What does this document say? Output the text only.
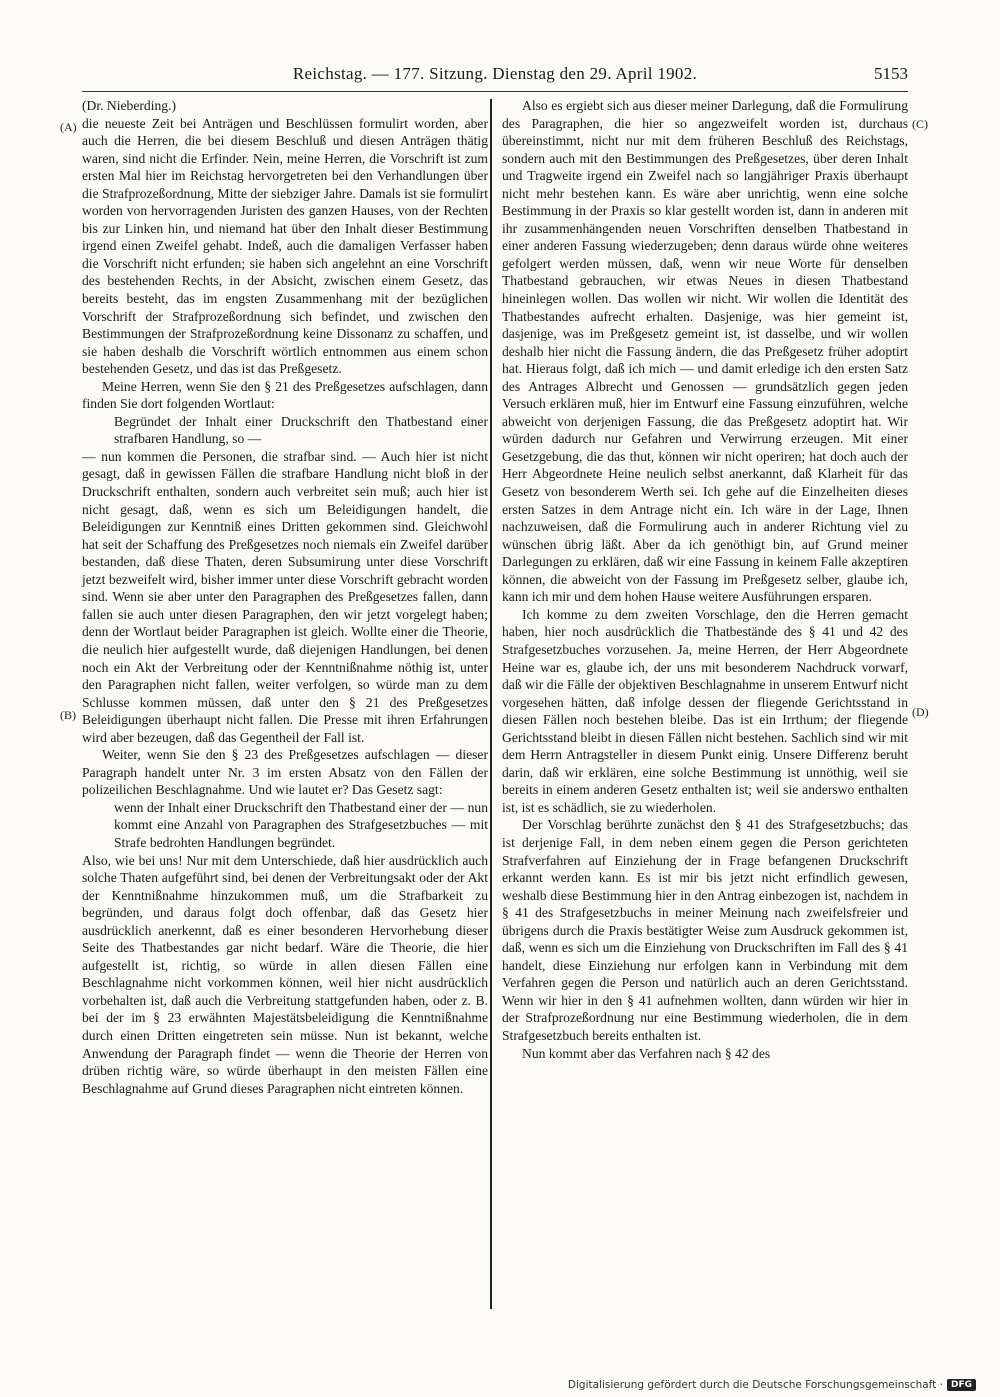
Reichstag. — 177. Sitzung. Dienstag den 29. April 1902.	5153
(A)
(B)
(C)
(D)

(Dr. Nieberding.)

die neueste Zeit bei Anträgen und Beschlüssen formulirt worden, aber auch die Herren, die bei diesem Beschluß und diesen Anträgen thätig waren, sind nicht die Erfinder. Nein, meine Herren, die Vorschrift ist zum ersten Mal hier im Reichstag hervorgetreten bei den Verhandlungen über die Strafprozeßordnung, Mitte der siebziger Jahre. Damals ist sie formulirt worden von hervorragenden Juristen des ganzen Hauses, von der Rechten bis zur Linken hin, und niemand hat über den Inhalt dieser Bestimmung irgend einen Zweifel gehabt. Indeß, auch die damaligen Verfasser haben die Vorschrift nicht erfunden; sie haben sich angelehnt an eine Vorschrift des bestehenden Rechts, in der Absicht, zwischen einem Gesetz, das bereits besteht, das im engsten Zusammenhang mit der bezüglichen Vorschrift der Strafprozeßordnung sich befindet, und zwischen den Bestimmungen der Strafprozeßordnung keine Dissonanz zu schaffen, und sie haben deshalb die Vorschrift wörtlich entnommen aus einem schon bestehenden Gesetz, und das ist das Preßgesetz.

Meine Herren, wenn Sie den § 21 des Preßgesetzes aufschlagen, dann finden Sie dort folgenden Wortlaut:

Begründet der Inhalt einer Druckschrift den Thatbestand einer strafbaren Handlung, so —

— nun kommen die Personen, die strafbar sind. — Auch hier ist nicht gesagt, daß in gewissen Fällen die strafbare Handlung nicht bloß in der Druckschrift enthalten, sondern auch verbreitet sein muß; auch hier ist nicht gesagt, daß, wenn es sich um Beleidigungen handelt, die Beleidigungen zur Kenntniß eines Dritten gekommen sind. Gleichwohl hat seit der Schaffung des Preßgesetzes noch niemals ein Zweifel darüber bestanden, daß diese Thaten, deren Subsumirung unter diese Vorschrift jetzt bezweifelt wird, bisher immer unter diese Vorschrift gebracht worden sind. Wenn sie aber unter den Paragraphen des Preßgesetzes fallen, dann fallen sie auch unter diesen Paragraphen, den wir jetzt vorgelegt haben; denn der Wortlaut beider Paragraphen ist gleich. Wollte einer die Theorie, die neulich hier aufgestellt wurde, daß diejenigen Handlungen, bei denen noch ein Akt der Verbreitung oder der Kenntnißnahme nöthig ist, unter den Paragraphen nicht fallen, weiter verfolgen, so würde man zu dem Schlusse kommen müssen, daß unter den § 21 des Preßgesetzes Beleidigungen überhaupt nicht fallen. Die Presse mit ihren Erfahrungen wird aber bezeugen, daß das Gegentheil der Fall ist.

Weiter, wenn Sie den § 23 des Preßgesetzes aufschlagen — dieser Paragraph handelt unter Nr. 3 im ersten Absatz von den Fällen der polizeilichen Beschlagnahme. Und wie lautet er? Das Gesetz sagt:

wenn der Inhalt einer Druckschrift den Thatbestand einer der — nun kommt eine Anzahl von Paragraphen des Strafgesetzbuches — mit Strafe bedrohten Handlungen begründet.

Also, wie bei uns! Nur mit dem Unterschiede, daß hier ausdrücklich auch solche Thaten aufgeführt sind, bei denen der Verbreitungsakt oder der Akt der Kenntnißnahme hinzukommen muß, um die Strafbarkeit zu begründen, und daraus folgt doch offenbar, daß das Gesetz hier ausdrücklich anerkennt, daß es einer besonderen Hervorhebung dieser Seite des Thatbestandes gar nicht bedarf. Wäre die Theorie, die hier aufgestellt ist, richtig, so würde in allen diesen Fällen eine Beschlagnahme nicht vorkommen können, weil hier nicht ausdrücklich vorbehalten ist, daß auch die Verbreitung stattgefunden haben, oder z. B. bei der im § 23 erwähnten Majestätsbeleidigung die Kenntnißnahme durch einen Dritten eingetreten sein müsse. Nun ist bekannt, welche Anwendung der Paragraph findet — wenn die Theorie der Herren von drüben richtig wäre, so würde überhaupt in den meisten Fällen eine Beschlagnahme auf Grund dieses Paragraphen nicht eintreten können.

Also es ergiebt sich aus dieser meiner Darlegung, daß die Formulirung des Paragraphen, die hier so angezweifelt worden ist, durchaus übereinstimmt, nicht nur mit dem früheren Beschluß des Reichstags, sondern auch mit den Bestimmungen des Preßgesetzes, über deren Inhalt und Tragweite irgend ein Zweifel nach so langjähriger Praxis überhaupt nicht mehr bestehen kann. Es wäre aber unrichtig, wenn eine solche Bestimmung in der Praxis so klar gestellt worden ist, dann in anderen mit ihr zusammenhängenden neuen Vorschriften denselben Thatbestand in einer anderen Fassung wiederzugeben; denn daraus würde ohne weiteres gefolgert werden müssen, daß, wenn wir neue Worte für denselben Thatbestand gebrauchen, wir etwas Neues in diesen Thatbestand hineinlegen wollen. Das wollen wir nicht. Wir wollen die Identität des Thatbestandes aufrecht erhalten. Dasjenige, was hier gemeint ist, dasjenige, was im Preßgesetz gemeint ist, ist dasselbe, und wir wollen deshalb hier nicht die Fassung ändern, die das Preßgesetz früher adoptirt hat. Hieraus folgt, daß ich mich — und damit erledige ich den ersten Satz des Antrages Albrecht und Genossen — grundsätzlich gegen jeden Versuch erklären muß, hier im Entwurf eine Fassung einzuführen, welche abweicht von derjenigen Fassung, die das Preßgesetz adoptirt hat. Wir würden dadurch nur Gefahren und Verwirrung erzeugen. Mit einer Gesetzgebung, die das thut, können wir nicht operiren; hat doch auch der Herr Abgeordnete Heine neulich selbst anerkannt, daß Klarheit für das Gesetz von besonderem Werth sei. Ich gehe auf die Einzelheiten dieses ersten Satzes in dem Antrage nicht ein. Ich wäre in der Lage, Ihnen nachzuweisen, daß die Formulirung auch in anderer Richtung viel zu wünschen übrig läßt. Aber da ich genöthigt bin, auf Grund meiner Darlegungen zu erklären, daß wir eine Fassung in keinem Falle akzeptiren können, die abweicht von der Fassung im Preßgesetz selber, glaube ich, kann ich mir und dem hohen Hause weitere Ausführungen ersparen.

Ich komme zu dem zweiten Vorschlage, den die Herren gemacht haben, hier noch ausdrücklich die Thatbestände des § 41 und 42 des Strafgesetzbuches vorzusehen. Ja, meine Herren, der Herr Abgeordnete Heine war es, glaube ich, der uns mit besonderem Nachdruck vorwarf, daß wir die Fälle der objektiven Beschlagnahme in unserem Entwurf nicht vorgesehen hätten, daß infolge dessen der fliegende Gerichtsstand in diesen Fällen noch bestehen bleibe. Das ist ein Irrthum; der fliegende Gerichtsstand bleibt in diesen Fällen nicht bestehen. Sachlich sind wir mit dem Herrn Antragsteller in diesem Punkt einig. Unsere Differenz beruht darin, daß wir erklären, eine solche Bestimmung ist unnöthig, weil sie bereits in einem anderen Gesetz enthalten ist; weil sie anderswo enthalten ist, ist es schädlich, sie zu wiederholen.

Der Vorschlag berührte zunächst den § 41 des Strafgesetzbuchs; das ist derjenige Fall, in dem neben einem gegen die Person gerichteten Strafverfahren auf Einziehung der in Frage befangenen Druckschrift erkannt werden kann. Es ist mir bis jetzt nicht erfindlich gewesen, weshalb diese Bestimmung hier in den Antrag einbezogen ist, nachdem in § 41 des Strafgesetzbuchs in meiner Meinung nach zweifelsfreier und übrigens durch die Praxis bestätigter Weise zum Ausdruck gekommen ist, daß, wenn es sich um die Einziehung von Druckschriften im Fall des § 41 handelt, diese Einziehung nur erfolgen kann in Verbindung mit dem Verfahren gegen die Person und natürlich auch an deren Gerichtsstand. Wenn wir hier in den § 41 aufnehmen wollten, dann würden wir hier in der Strafprozeßordnung nur eine Bestimmung wiederholen, die in dem Strafgesetzbuch bereits enthalten ist.

Nun kommt aber das Verfahren nach § 42 des

Digitalisierung gefördert durch die Deutsche Forschungsgemeinschaft · DFG
